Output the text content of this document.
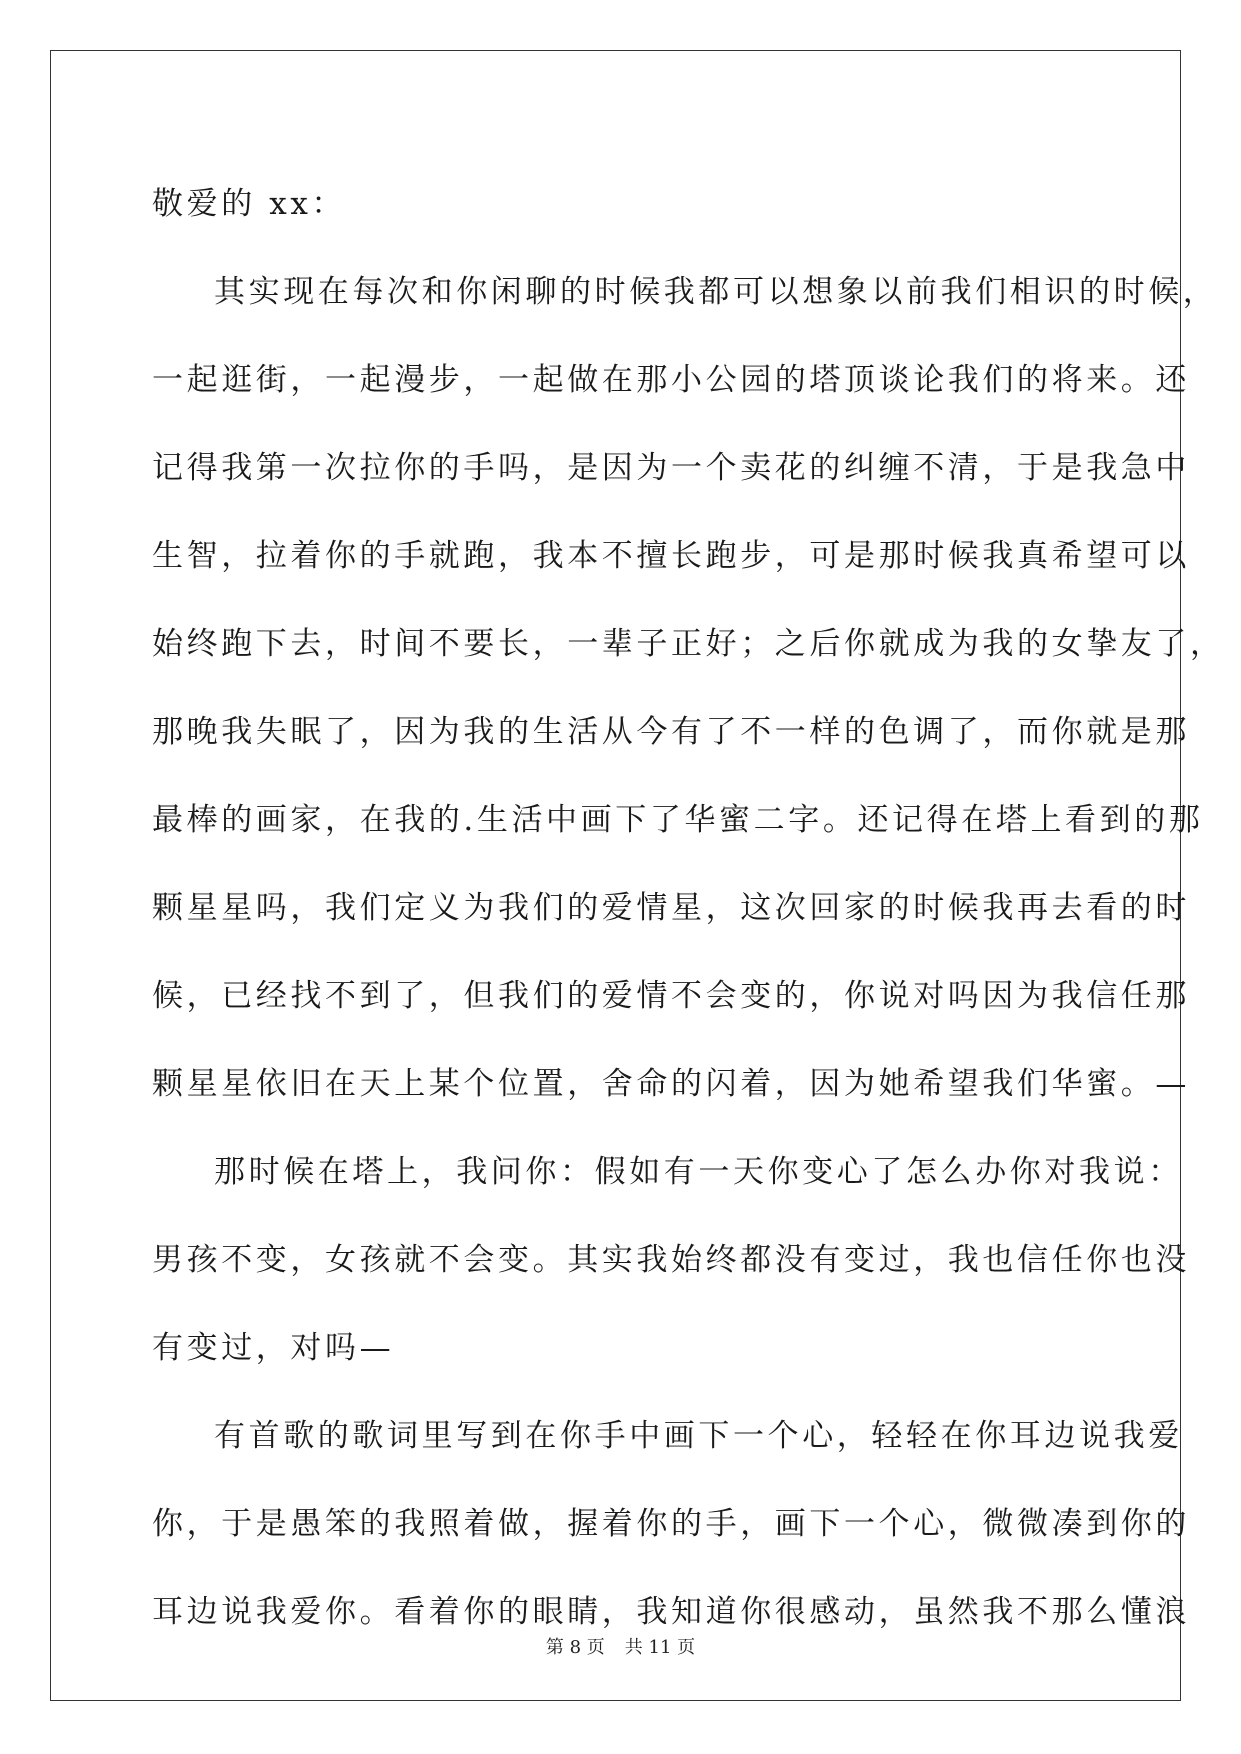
敬爱的 xx：
其实现在每次和你闲聊的时候我都可以想象以前我们相识的时候，
一起逛街，一起漫步，一起做在那小公园的塔顶谈论我们的将来。还
记得我第一次拉你的手吗，是因为一个卖花的纠缠不清，于是我急中
生智，拉着你的手就跑，我本不擅长跑步，可是那时候我真希望可以
始终跑下去，时间不要长，一辈子正好；之后你就成为我的女挚友了，
那晚我失眠了，因为我的生活从今有了不一样的色调了，而你就是那
最棒的画家，在我的.生活中画下了华蜜二字。还记得在塔上看到的那
颗星星吗，我们定义为我们的爱情星，这次回家的时候我再去看的时
候，已经找不到了，但我们的爱情不会变的，你说对吗因为我信任那
颗星星依旧在天上某个位置，舍命的闪着，因为她希望我们华蜜。—
那时候在塔上，我问你：假如有一天你变心了怎么办你对我说：
男孩不变，女孩就不会变。其实我始终都没有变过，我也信任你也没
有变过，对吗—
有首歌的歌词里写到在你手中画下一个心，轻轻在你耳边说我爱
你，于是愚笨的我照着做，握着你的手，画下一个心，微微凑到你的
耳边说我爱你。看着你的眼睛，我知道你很感动，虽然我不那么懂浪
第 8 页 共 11 页
